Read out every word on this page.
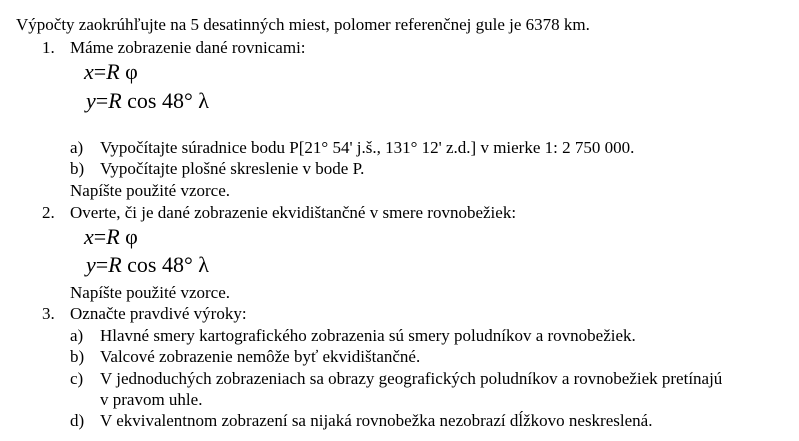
Výpočty zaokrúhľujte na 5 desatinných miest, polomer referenčnej gule je 6378 km.
1. Máme zobrazenie dané rovnicami:
x=R φ
y=R cos 48° λ
a) Vypočítajte súradnice bodu P[21° 54' j.š., 131° 12' z.d.] v mierke 1: 2 750 000.
b) Vypočítajte plošné skreslenie v bode P.
Napíšte použité vzorce.
2. Overte, či je dané zobrazenie ekvidištančné v smere rovnobežiek:
x=R φ
y=R cos 48° λ
Napíšte použité vzorce.
3. Označte pravdivé výroky:
a) Hlavné smery kartografického zobrazenia sú smery poludníkov a rovnobežiek.
b) Valcové zobrazenie nemôže byť ekvidištančné.
c) V jednoduchých zobrazeniach sa obrazy geografických poludníkov a rovnobežiek pretínajú
v pravom uhle.
d) V ekvivalentnom zobrazení sa nijaká rovnobežka nezobrazí dĺžkovo neskreslená.
